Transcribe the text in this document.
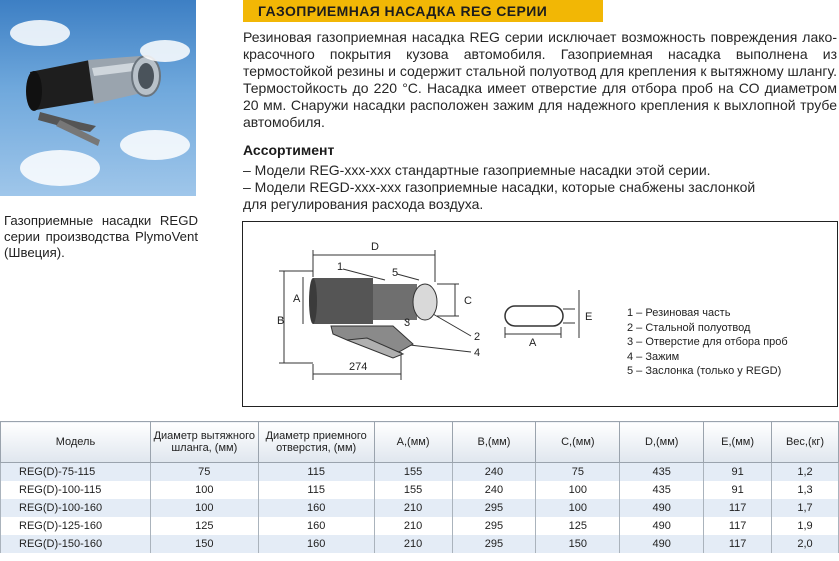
Газоприемные насадки REGD серии производства PlymoVent (Швеция).
ГАЗОПРИЕМНАЯ НАСАДКА REG СЕРИИ
Резиновая газоприемная насадка REG серии исключает возможность повреждения лако-красочного покрытия кузова автомобиля. Газоприемная насадка выполнена из термостойкой резины и содержит стальной полуотвод для крепления к вытяжному шлангу. Термостойкость до 220 °С. Насадка имеет отверстие для отбора проб на СО диаметром 20 мм. Снаружи насадки расположен зажим для надежного крепления к выхлопной трубе автомобиля.
Ассортимент
– Модели REG-xxx-xxx стандартные газоприемные насадки этой серии.
– Модели REGD-xxx-xxx газоприемные насадки, которые снабжены заслонкой
для регулирования расхода воздуха.
D
B
A
274
C
1	5
3
2
4
A
E	1 – Резиновая часть
2 – Стальной полуотвод
3 – Отверстие для отбора проб
4 – Зажим
5 – Заслонка (только у REGD)
Модель	Диаметр вытяжного шланга, (мм)	Диаметр приемного отверстия, (мм)	A,(мм)	B,(мм)	C,(мм)	D,(мм)	E,(мм)	Вес,(кг)
REG(D)-75-115	75	115	155	240	75	435	91	1,2
REG(D)-100-115	100	115	155	240	100	435	91	1,3
REG(D)-100-160	100	160	210	295	100	490	117	1,7
REG(D)-125-160	125	160	210	295	125	490	117	1,9
REG(D)-150-160	150	160	210	295	150	490	117	2,0
